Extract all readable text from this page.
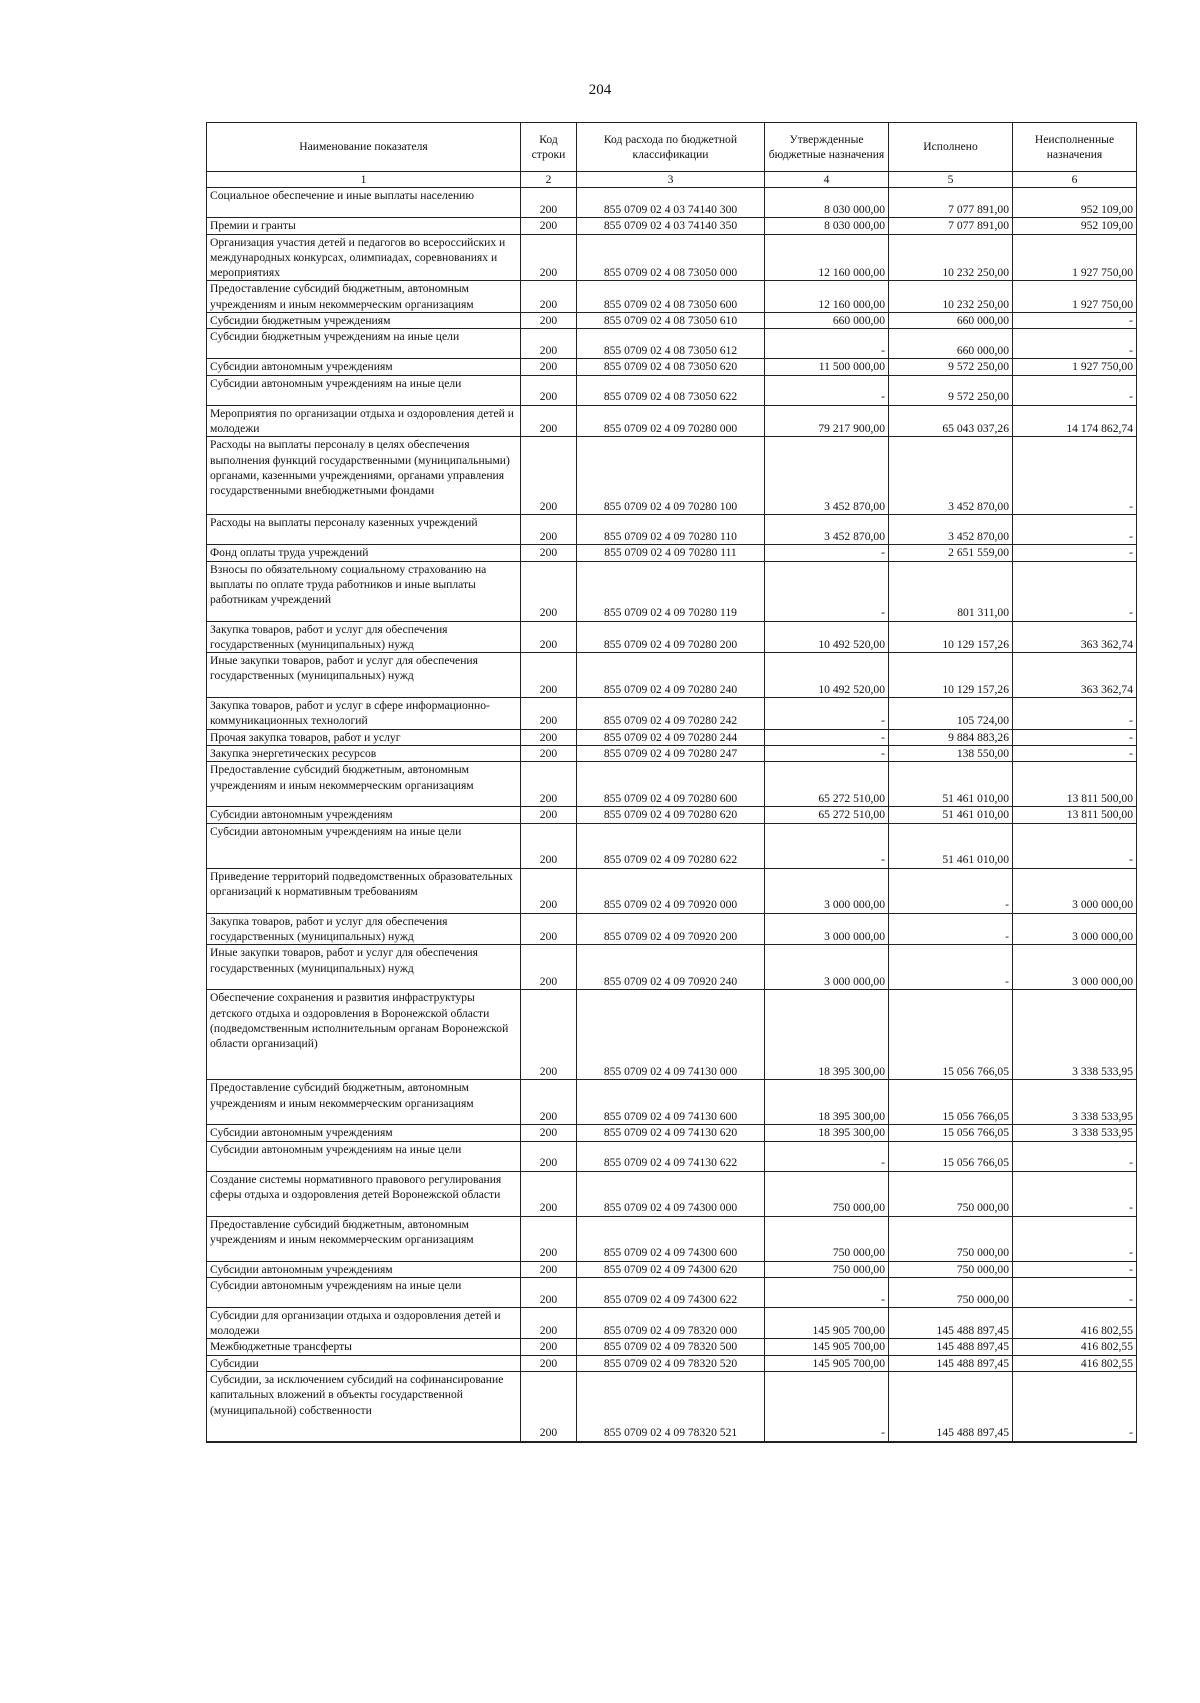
204
Наименование показателя	Код строки	Код расхода по бюджетной классификации	Утвержденные бюджетные назначения	Исполнено	Неисполненные назначения
1	2	3	4	5	6
Социальное обеспечение и иные выплаты населению	200	855 0709 02 4 03 74140 300	8 030 000,00	7 077 891,00	952 109,00
Премии и гранты	200	855 0709 02 4 03 74140 350	8 030 000,00	7 077 891,00	952 109,00
Организация участия детей и педагогов во всероссийских и международных конкурсах, олимпиадах, соревнованиях и мероприятиях	200	855 0709 02 4 08 73050 000	12 160 000,00	10 232 250,00	1 927 750,00
Предоставление субсидий бюджетным, автономным учреждениям и иным некоммерческим организациям	200	855 0709 02 4 08 73050 600	12 160 000,00	10 232 250,00	1 927 750,00
Субсидии бюджетным учреждениям	200	855 0709 02 4 08 73050 610	660 000,00	660 000,00	-
Субсидии бюджетным учреждениям на иные цели	200	855 0709 02 4 08 73050 612	-	660 000,00	-
Субсидии автономным учреждениям	200	855 0709 02 4 08 73050 620	11 500 000,00	9 572 250,00	1 927 750,00
Субсидии автономным учреждениям на иные цели	200	855 0709 02 4 08 73050 622	-	9 572 250,00	-
Мероприятия по организации отдыха и оздоровления детей и молодежи	200	855 0709 02 4 09 70280 000	79 217 900,00	65 043 037,26	14 174 862,74
Расходы на выплаты персоналу в целях обеспечения выполнения функций государственными (муниципальными) органами, казенными учреждениями, органами управления государственными внебюджетными фондами	200	855 0709 02 4 09 70280 100	3 452 870,00	3 452 870,00	-
Расходы на выплаты персоналу казенных учреждений	200	855 0709 02 4 09 70280 110	3 452 870,00	3 452 870,00	-
Фонд оплаты труда учреждений	200	855 0709 02 4 09 70280 111	-	2 651 559,00	-
Взносы по обязательному социальному страхованию на выплаты по оплате труда работников и иные выплаты работникам учреждений	200	855 0709 02 4 09 70280 119	-	801 311,00	-
Закупка товаров, работ и услуг для обеспечения государственных (муниципальных) нужд	200	855 0709 02 4 09 70280 200	10 492 520,00	10 129 157,26	363 362,74
Иные закупки товаров, работ и услуг для обеспечения государственных (муниципальных) нужд	200	855 0709 02 4 09 70280 240	10 492 520,00	10 129 157,26	363 362,74
Закупка товаров, работ и услуг в сфере информационно-коммуникационных технологий	200	855 0709 02 4 09 70280 242	-	105 724,00	-
Прочая закупка товаров, работ и услуг	200	855 0709 02 4 09 70280 244	-	9 884 883,26	-
Закупка энергетических ресурсов	200	855 0709 02 4 09 70280 247	-	138 550,00	-
Предоставление субсидий бюджетным, автономным учреждениям и иным некоммерческим организациям	200	855 0709 02 4 09 70280 600	65 272 510,00	51 461 010,00	13 811 500,00
Субсидии автономным учреждениям	200	855 0709 02 4 09 70280 620	65 272 510,00	51 461 010,00	13 811 500,00
Субсидии автономным учреждениям на иные цели	200	855 0709 02 4 09 70280 622	-	51 461 010,00	-
Приведение территорий подведомственных образовательных организаций к нормативным требованиям	200	855 0709 02 4 09 70920 000	3 000 000,00	-	3 000 000,00
Закупка товаров, работ и услуг для обеспечения государственных (муниципальных) нужд	200	855 0709 02 4 09 70920 200	3 000 000,00	-	3 000 000,00
Иные закупки товаров, работ и услуг для обеспечения государственных (муниципальных) нужд	200	855 0709 02 4 09 70920 240	3 000 000,00	-	3 000 000,00
Обеспечение сохранения и развития инфраструктуры детского отдыха и оздоровления в Воронежской области (подведомственным исполнительным органам Воронежской области организаций)	200	855 0709 02 4 09 74130 000	18 395 300,00	15 056 766,05	3 338 533,95
Предоставление субсидий бюджетным, автономным учреждениям и иным некоммерческим организациям	200	855 0709 02 4 09 74130 600	18 395 300,00	15 056 766,05	3 338 533,95
Субсидии автономным учреждениям	200	855 0709 02 4 09 74130 620	18 395 300,00	15 056 766,05	3 338 533,95
Субсидии автономным учреждениям на иные цели	200	855 0709 02 4 09 74130 622	-	15 056 766,05	-
Создание системы нормативного правового регулирования сферы отдыха и оздоровления детей Воронежской области	200	855 0709 02 4 09 74300 000	750 000,00	750 000,00	-
Предоставление субсидий бюджетным, автономным учреждениям и иным некоммерческим организациям	200	855 0709 02 4 09 74300 600	750 000,00	750 000,00	-
Субсидии автономным учреждениям	200	855 0709 02 4 09 74300 620	750 000,00	750 000,00	-
Субсидии автономным учреждениям на иные цели	200	855 0709 02 4 09 74300 622	-	750 000,00	-
Субсидии для организации отдыха и оздоровления детей и молодежи	200	855 0709 02 4 09 78320 000	145 905 700,00	145 488 897,45	416 802,55
Межбюджетные трансферты	200	855 0709 02 4 09 78320 500	145 905 700,00	145 488 897,45	416 802,55
Субсидии	200	855 0709 02 4 09 78320 520	145 905 700,00	145 488 897,45	416 802,55
Субсидии, за исключением субсидий на софинансирование капитальных вложений в объекты государственной (муниципальной) собственности	200	855 0709 02 4 09 78320 521	-	145 488 897,45	-
